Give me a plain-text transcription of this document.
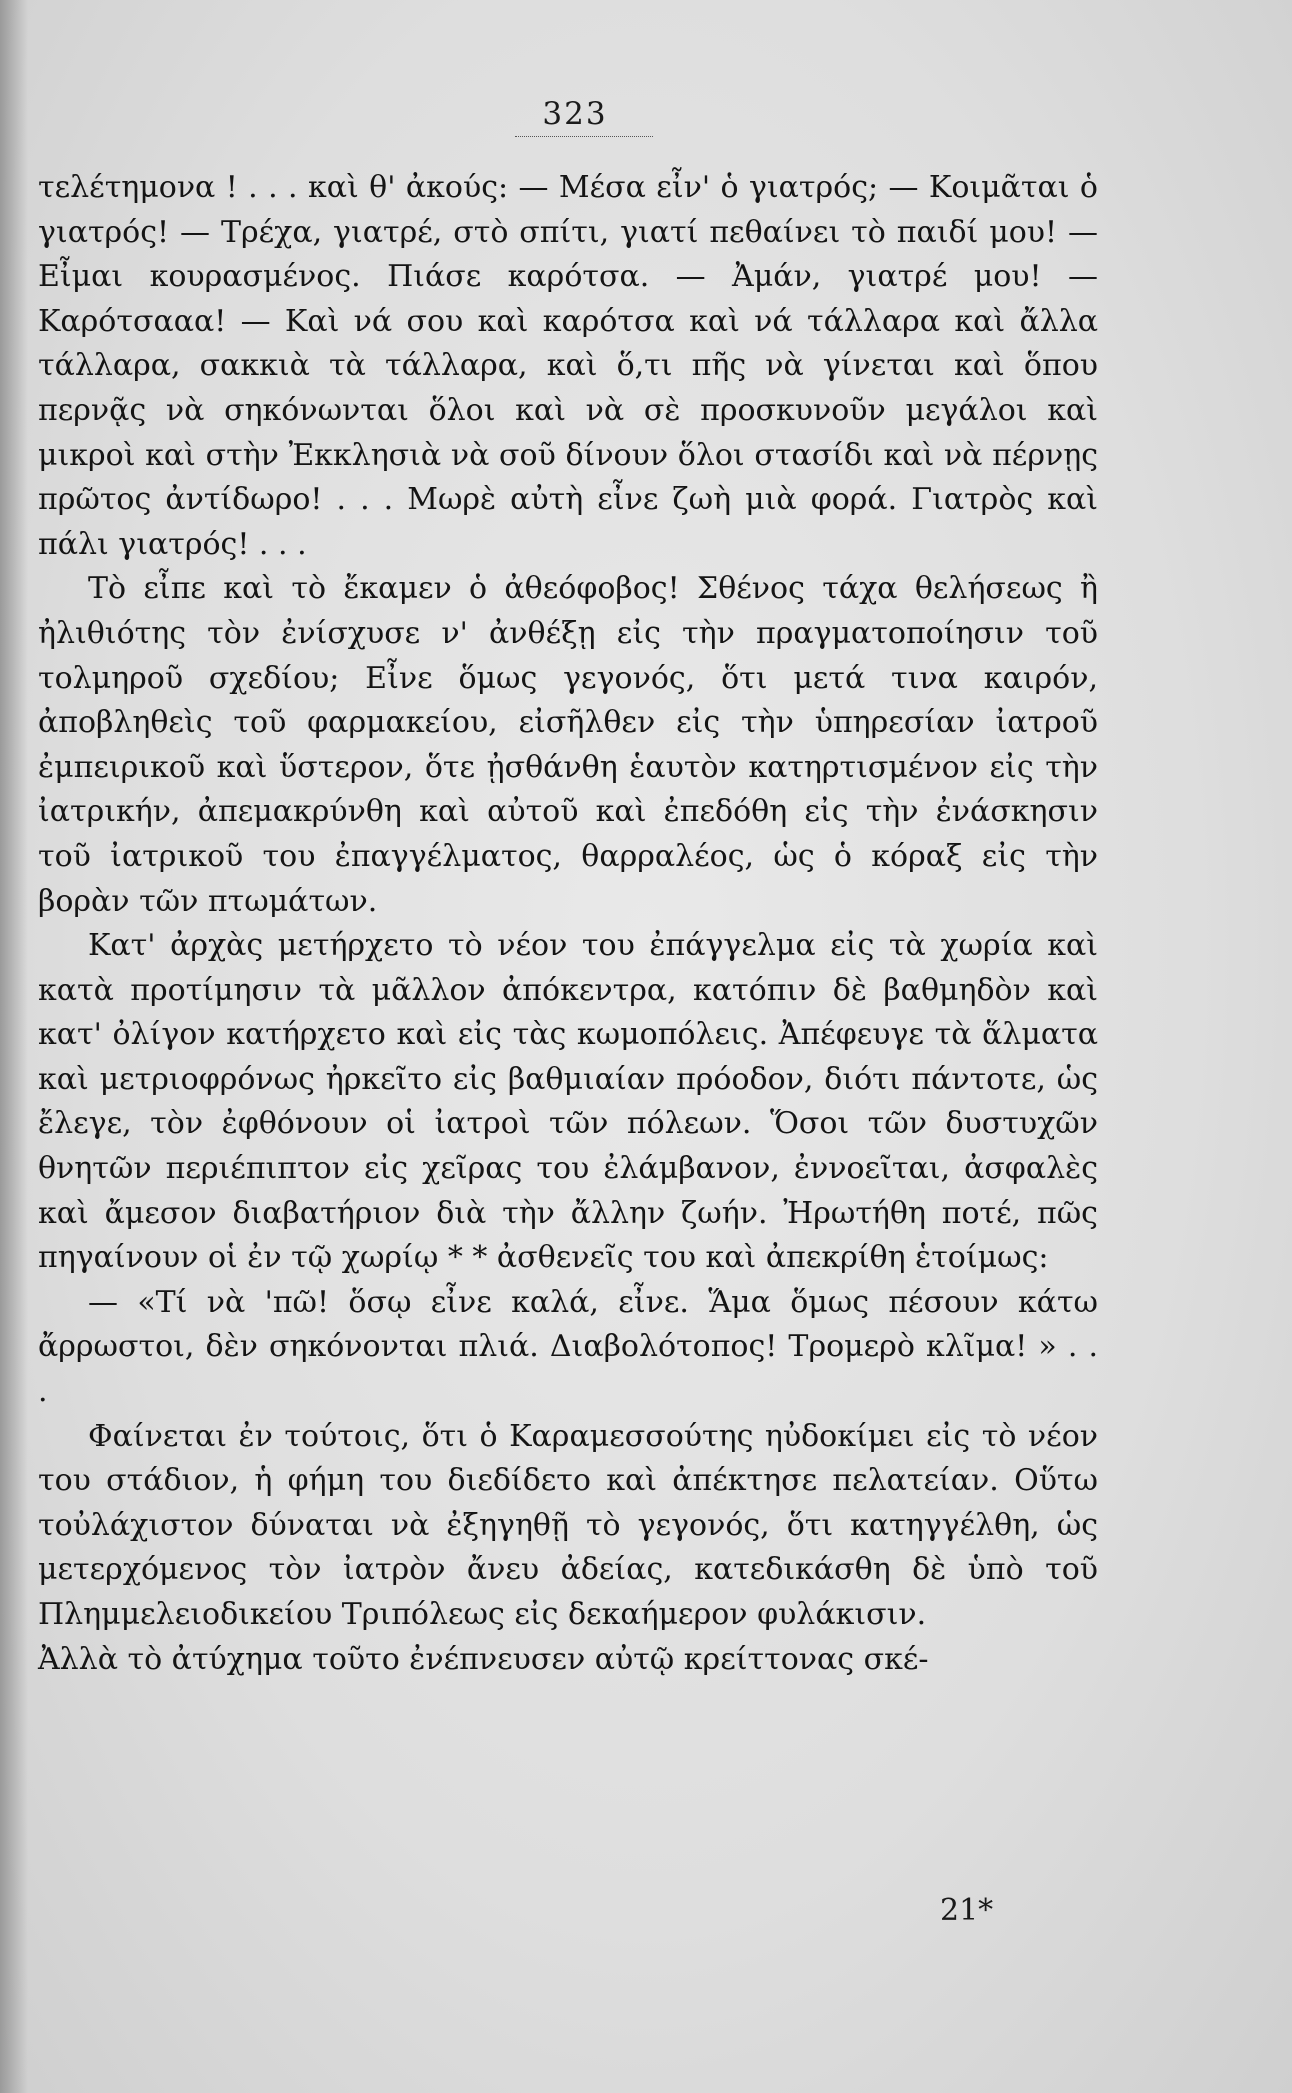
323

τελέτημονα ! . . . καὶ θ' ἀκούς: — Μέσα εἶν' ὁ γιατρός; — Κοιμᾶται ὁ γιατρός! — Τρέχα, γιατρέ, στὸ σπίτι, γιατί πεθαίνει τὸ παιδί μου! — Εἶμαι κουρασμένος. Πιάσε καρότσα. — Ἀμάν, γιατρέ μου! — Καρότσααα! — Καὶ νά σου καὶ καρότσα καὶ νά τάλλαρα καὶ ἄλλα τάλλαρα, σακκιὰ τὰ τάλλαρα, καὶ ὅ,τι πῆς νὰ γίνεται καὶ ὅπου περνᾷς νὰ σηκόνωνται ὅλοι καὶ νὰ σὲ προσκυνοῦν μεγάλοι καὶ μικροὶ καὶ στὴν Ἐκκλησιὰ νὰ σοῦ δίνουν ὅλοι στασίδι καὶ νὰ πέρνῃς πρῶτος ἀντίδωρο! . . . Μωρὲ αὐτὴ εἶνε ζωὴ μιὰ φορά. Γιατρὸς καὶ πάλι γιατρός! . . .

Τὸ εἶπε καὶ τὸ ἔκαμεν ὁ ἀθεόφοβος! Σθένος τάχα θελήσεως ἢ ἠλιθιότης τὸν ἐνίσχυσε ν' ἀνθέξῃ εἰς τὴν πραγματοποίησιν τοῦ τολμηροῦ σχεδίου; Εἶνε ὅμως γεγονός, ὅτι μετά τινα καιρόν, ἀποβληθεὶς τοῦ φαρμακείου, εἰσῆλθεν εἰς τὴν ὑπηρεσίαν ἰατροῦ ἐμπειρικοῦ καὶ ὕστερον, ὅτε ᾐσθάνθη ἑαυτὸν κατηρτισμένον εἰς τὴν ἰατρικήν, ἀπεμακρύνθη καὶ αὐτοῦ καὶ ἐπεδόθη εἰς τὴν ἐνάσκησιν τοῦ ἰατρικοῦ του ἐπαγγέλματος, θαρραλέος, ὡς ὁ κόραξ εἰς τὴν βορὰν τῶν πτωμάτων.

Κατ' ἀρχὰς μετήρχετο τὸ νέον του ἐπάγγελμα εἰς τὰ χωρία καὶ κατὰ προτίμησιν τὰ μᾶλλον ἀπόκεντρα, κατόπιν δὲ βαθμηδὸν καὶ κατ' ὀλίγον κατήρχετο καὶ εἰς τὰς κωμοπόλεις. Ἀπέφευγε τὰ ἅλματα καὶ μετριοφρόνως ἠρκεῖτο εἰς βαθμιαίαν πρόοδον, διότι πάντοτε, ὡς ἔλεγε, τὸν ἐφθόνουν οἱ ἰατροὶ τῶν πόλεων. Ὅσοι τῶν δυστυχῶν θνητῶν περιέπιπτον εἰς χεῖρας του ἐλάμβανον, ἐννοεῖται, ἀσφαλὲς καὶ ἄμεσον διαβατήριον διὰ τὴν ἄλλην ζωήν. Ἠρωτήθη ποτέ, πῶς πηγαίνουν οἱ ἐν τῷ χωρίῳ * * ἀσθενεῖς του καὶ ἀπεκρίθη ἑτοίμως:

— «Τί νὰ 'πῶ! ὅσῳ εἶνε καλά, εἶνε. Ἅμα ὅμως πέσουν κάτω ἄρρωστοι, δὲν σηκόνονται πλιά. Διαβολότοπος! Τρομερὸ κλῖμα! » . . .

Φαίνεται ἐν τούτοις, ὅτι ὁ Καραμεσσούτης ηὐδοκίμει εἰς τὸ νέον του στάδιον, ἡ φήμη του διεδίδετο καὶ ἀπέκτησε πελατείαν. Οὕτω τοὐλάχιστον δύναται νὰ ἐξηγηθῇ τὸ γεγονός, ὅτι κατηγγέλθη, ὡς μετερχόμενος τὸν ἰατρὸν ἄνευ ἀδείας, κατεδικάσθη δὲ ὑπὸ τοῦ Πλημμελειοδικείου Τριπόλεως εἰς δεκαήμερον φυλάκισιν.

Ἀλλὰ τὸ ἀτύχημα τοῦτο ἐνέπνευσεν αὐτῷ κρείττονας σκέ-

21*
